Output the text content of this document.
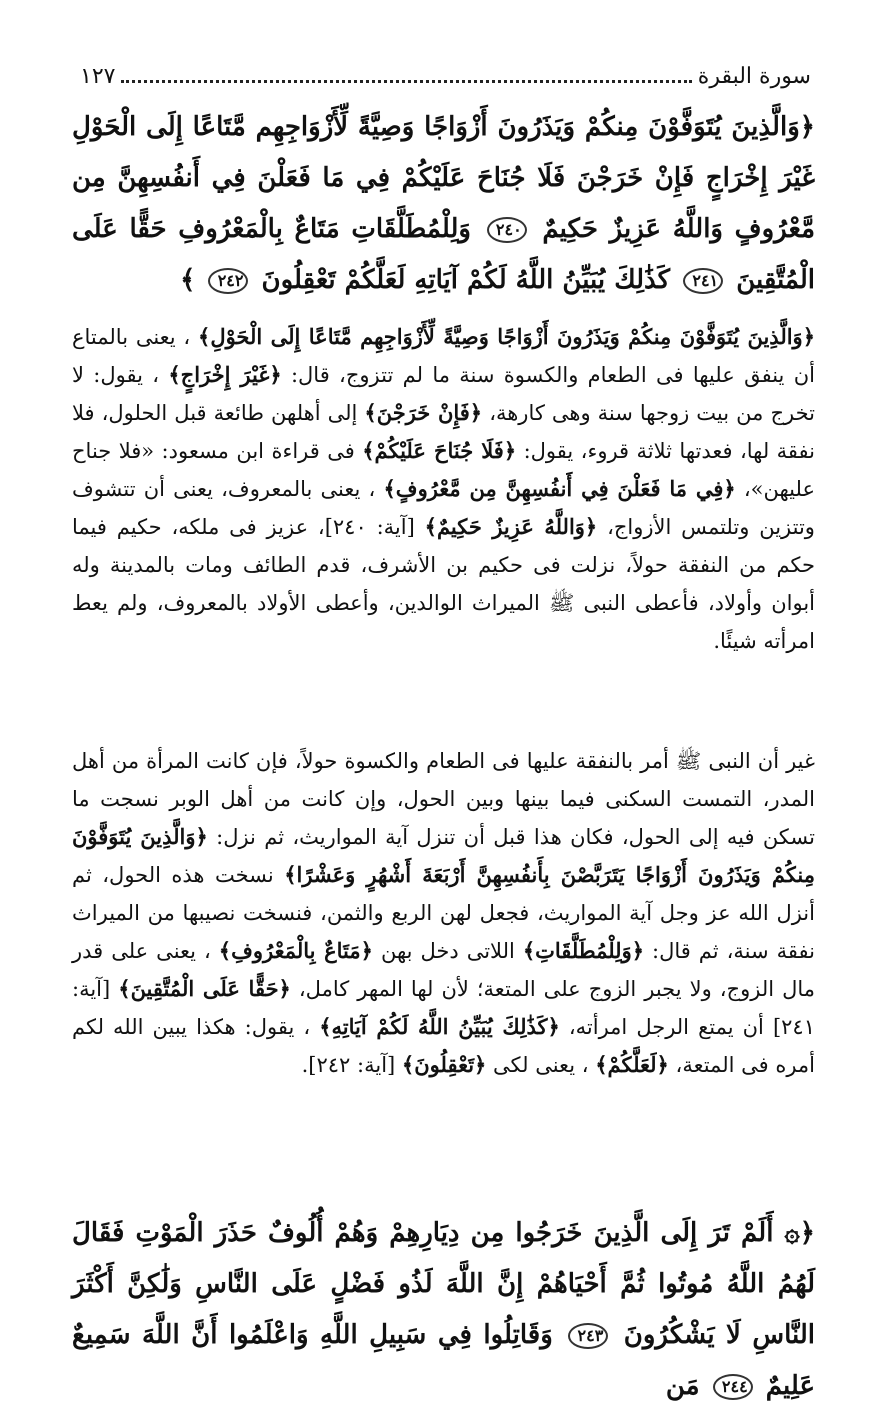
سورة البقرة
١٢٧
﴿وَالَّذِينَ يُتَوَفَّوْنَ مِنكُمْ وَيَذَرُونَ أَزْوَاجًا وَصِيَّةً لِّأَزْوَاجِهِم مَّتَاعًا إِلَى الْحَوْلِ غَيْرَ إِخْرَاجٍ فَإِنْ خَرَجْنَ فَلَا جُنَاحَ عَلَيْكُمْ فِي مَا فَعَلْنَ فِي أَنفُسِهِنَّ مِن مَّعْرُوفٍ وَاللَّهُ عَزِيزٌ حَكِيمٌ ٢٤٠ وَلِلْمُطَلَّقَاتِ مَتَاعٌ بِالْمَعْرُوفِ حَقًّا عَلَى الْمُتَّقِينَ ٢٤١ كَذَٰلِكَ يُبَيِّنُ اللَّهُ لَكُمْ آيَاتِهِ لَعَلَّكُمْ تَعْقِلُونَ ٢٤٢ ﴾
﴿وَالَّذِينَ يُتَوَفَّوْنَ مِنكُمْ وَيَذَرُونَ أَزْوَاجًا وَصِيَّةً لِّأَزْوَاجِهِم مَّتَاعًا إِلَى الْحَوْلِ﴾ ، يعنى بالمتاع أن ينفق عليها فى الطعام والكسوة سنة ما لم تتزوج، قال: ﴿غَيْرَ إِخْرَاجٍ﴾ ، يقول: لا تخرج من بيت زوجها سنة وهى كارهة، ﴿فَإِنْ خَرَجْنَ﴾ إلى أهلهن طائعة قبل الحلول، فلا نفقة لها، فعدتها ثلاثة قروء، يقول: ﴿فَلَا جُنَاحَ عَلَيْكُمْ﴾ فى قراءة ابن مسعود: «فلا جناح عليهن»، ﴿فِي مَا فَعَلْنَ فِي أَنفُسِهِنَّ مِن مَّعْرُوفٍ﴾ ، يعنى بالمعروف، يعنى أن تتشوف وتتزين وتلتمس الأزواج، ﴿وَاللَّهُ عَزِيزٌ حَكِيمٌ﴾ [آية: ٢٤٠]، عزيز فى ملكه، حكيم فيما حكم من النفقة حولاً، نزلت فى حكيم بن الأشرف، قدم الطائف ومات بالمدينة وله أبوان وأولاد، فأعطى النبى ﷺ الميراث الوالدين، وأعطى الأولاد بالمعروف، ولم يعط امرأته شيئًا.
غير أن النبى ﷺ أمر بالنفقة عليها فى الطعام والكسوة حولاً، فإن كانت المرأة من أهل المدر، التمست السكنى فيما بينها وبين الحول، وإن كانت من أهل الوبر نسجت ما تسكن فيه إلى الحول، فكان هذا قبل أن تنزل آية المواريث، ثم نزل: ﴿وَالَّذِينَ يُتَوَفَّوْنَ مِنكُمْ وَيَذَرُونَ أَزْوَاجًا يَتَرَبَّصْنَ بِأَنفُسِهِنَّ أَرْبَعَةَ أَشْهُرٍ وَعَشْرًا﴾ نسخت هذه الحول، ثم أنزل الله عز وجل آية المواريث، فجعل لهن الربع والثمن، فنسخت نصيبها من الميراث نفقة سنة، ثم قال: ﴿وَلِلْمُطَلَّقَاتِ﴾ اللاتى دخل بهن ﴿مَتَاعٌ بِالْمَعْرُوفِ﴾ ، يعنى على قدر مال الزوج، ولا يجبر الزوج على المتعة؛ لأن لها المهر كامل، ﴿حَقًّا عَلَى الْمُتَّقِينَ﴾ [آية: ٢٤١] أن يمتع الرجل امرأته، ﴿كَذَٰلِكَ يُبَيِّنُ اللَّهُ لَكُمْ آيَاتِهِ﴾ ، يقول: هكذا يبين الله لكم أمره فى المتعة، ﴿لَعَلَّكُمْ﴾ ، يعنى لكى ﴿تَعْقِلُونَ﴾ [آية: ٢٤٢].
﴿۞ أَلَمْ تَرَ إِلَى الَّذِينَ خَرَجُوا مِن دِيَارِهِمْ وَهُمْ أُلُوفٌ حَذَرَ الْمَوْتِ فَقَالَ لَهُمُ اللَّهُ مُوتُوا ثُمَّ أَحْيَاهُمْ إِنَّ اللَّهَ لَذُو فَضْلٍ عَلَى النَّاسِ وَلَٰكِنَّ أَكْثَرَ النَّاسِ لَا يَشْكُرُونَ ٢٤٣ وَقَاتِلُوا فِي سَبِيلِ اللَّهِ وَاعْلَمُوا أَنَّ اللَّهَ سَمِيعٌ عَلِيمٌ ٢٤٤ مَن
